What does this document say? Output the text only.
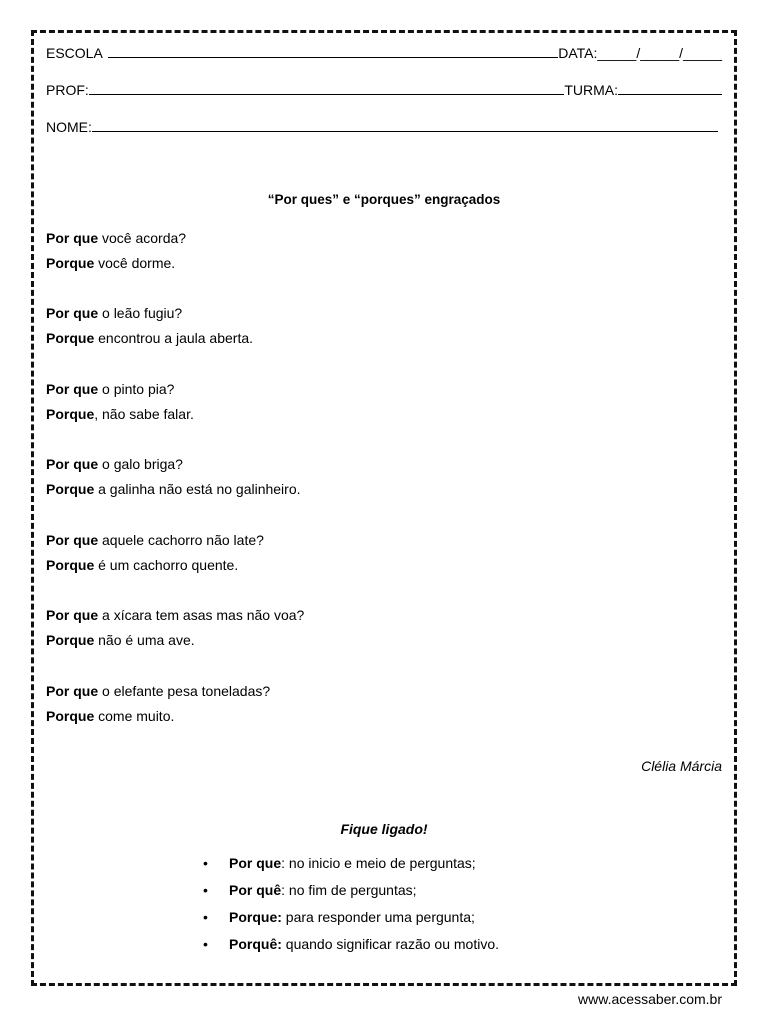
ESCOLA	DATA: _____ / _____ / _____
PROF:	TURMA:
NOME:
“Por ques” e “porques” engraçados
Por que você acorda?
Porque você dorme.
Por que o leão fugiu?
Porque encontrou a jaula aberta.
Por que o pinto pia?
Porque, não sabe falar.
Por que o galo briga?
Porque a galinha não está no galinheiro.
Por que aquele cachorro não late?
Porque é um cachorro quente.
Por que a xícara tem asas mas não voa?
Porque não é uma ave.
Por que o elefante pesa toneladas?
Porque come muito.
Clélia Márcia
Fique ligado!
•	Por que: no inicio e meio de perguntas;
•	Por quê: no fim de perguntas;
•	Porque: para responder uma pergunta;
•	Porquê: quando significar razão ou motivo.
www.acessaber.com.br
